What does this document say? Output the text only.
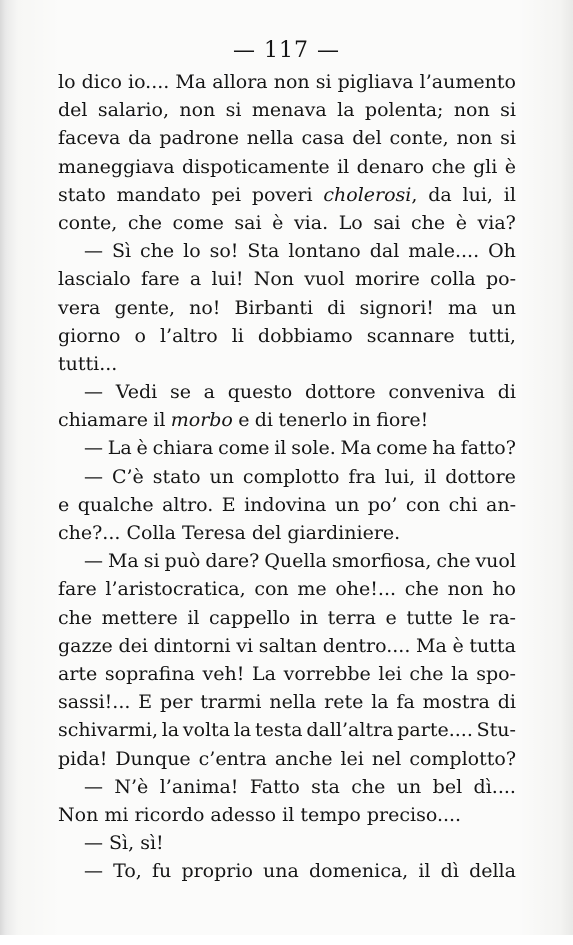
— 117 —
lo dico io.... Ma allora non si pigliava l’aumento
del salario, non si menava la polenta; non si
faceva da padrone nella casa del conte, non si
maneggiava dispoticamente il denaro che gli è
stato mandato pei poveri cholerosi, da lui, il
conte, che come sai è via. Lo sai che è via?
— Sì che lo so! Sta lontano dal male.... Oh
lascialo fare a lui! Non vuol morire colla po-
vera gente, no! Birbanti di signori! ma un
giorno o l’altro li dobbiamo scannare tutti,
tutti...
— Vedi se a questo dottore conveniva di
chiamare il morbo e di tenerlo in fiore!
— La è chiara come il sole. Ma come ha fatto?
— C’è stato un complotto fra lui, il dottore
e qualche altro. E indovina un po’ con chi an-
che?... Colla Teresa del giardiniere.
— Ma si può dare? Quella smorfiosa, che vuol
fare l’aristocratica, con me ohe!... che non ho
che mettere il cappello in terra e tutte le ra-
gazze dei dintorni vi saltan dentro.... Ma è tutta
arte soprafina veh! La vorrebbe lei che la spo-
sassi!... E per trarmi nella rete la fa mostra di
schivarmi, la volta la testa dall’altra parte.... Stu-
pida! Dunque c’entra anche lei nel complotto?
— N’è l’anima! Fatto sta che un bel dì....
Non mi ricordo adesso il tempo preciso....
— Sì, sì!
— To, fu proprio una domenica, il dì della
